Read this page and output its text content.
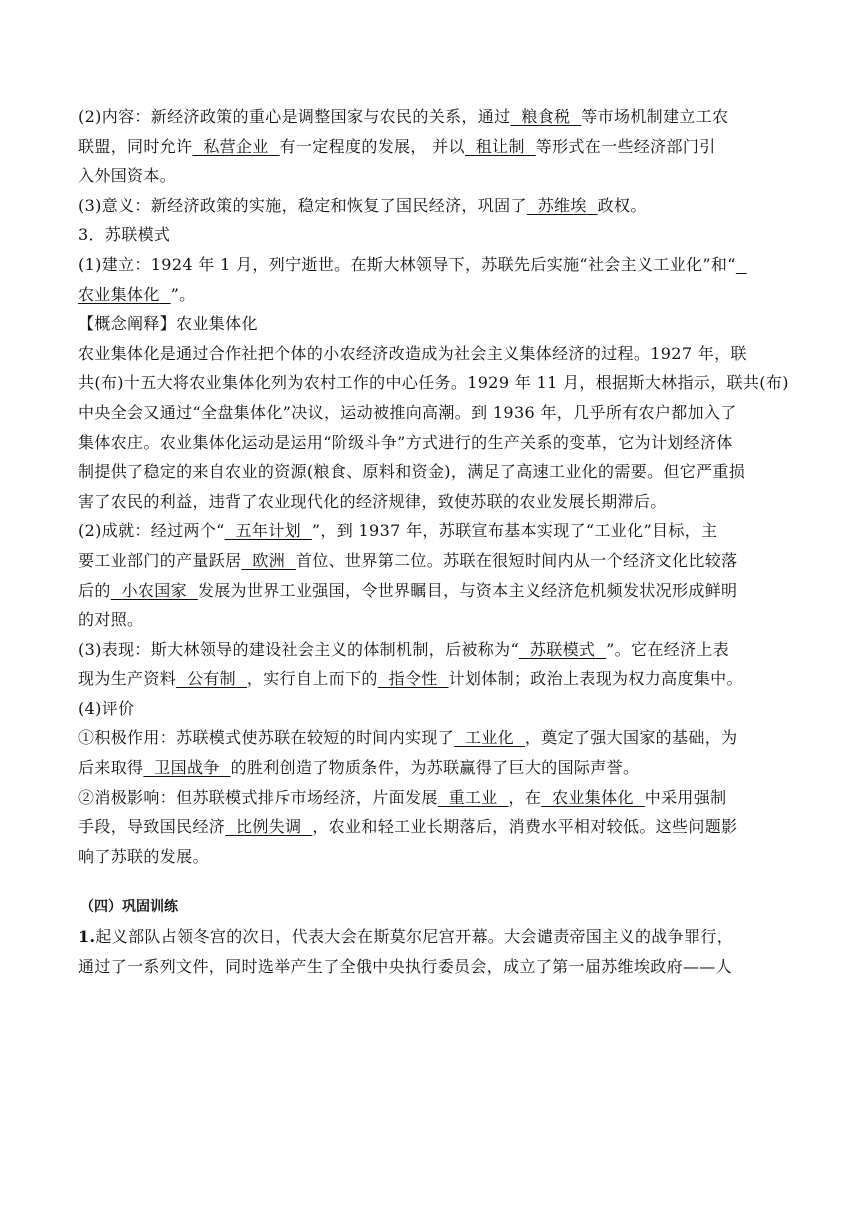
(2)内容：新经济政策的重心是调整国家与农民的关系，通过 粮食税 等市场机制建立工农
联盟，同时允许 私营企业 有一定程度的发展， 并以 租让制 等形式在一些经济部门引
入外国资本。
(3)意义：新经济政策的实施，稳定和恢复了国民经济，巩固了 苏维埃 政权。
3．苏联模式
(1)建立：1924 年 1 月，列宁逝世。在斯大林领导下，苏联先后实施“社会主义工业化”和“
农业集体化 ”。
【概念阐释】农业集体化
农业集体化是通过合作社把个体的小农经济改造成为社会主义集体经济的过程。1927 年，联
共(布)十五大将农业集体化列为农村工作的中心任务。1929 年 11 月，根据斯大林指示，联共(布)
中央全会又通过“全盘集体化”决议，运动被推向高潮。到 1936 年，几乎所有农户都加入了
集体农庄。农业集体化运动是运用“阶级斗争”方式进行的生产关系的变革，它为计划经济体
制提供了稳定的来自农业的资源(粮食、原料和资金)，满足了高速工业化的需要。但它严重损
害了农民的利益，违背了农业现代化的经济规律，致使苏联的农业发展长期滞后。
(2)成就：经过两个“ 五年计划 ”，到 1937 年，苏联宣布基本实现了“工业化”目标，主
要工业部门的产量跃居 欧洲 首位、世界第二位。苏联在很短时间内从一个经济文化比较落
后的 小农国家 发展为世界工业强国，令世界瞩目，与资本主义经济危机频发状况形成鲜明
的对照。
(3)表现：斯大林领导的建设社会主义的体制机制，后被称为“ 苏联模式 ”。它在经济上表
现为生产资料 公有制 ，实行自上而下的 指令性 计划体制；政治上表现为权力高度集中。
(4)评价
①积极作用：苏联模式使苏联在较短的时间内实现了 工业化 ，奠定了强大国家的基础，为
后来取得 卫国战争 的胜利创造了物质条件，为苏联赢得了巨大的国际声誉。
②消极影响：但苏联模式排斥市场经济，片面发展 重工业 ，在 农业集体化 中采用强制
手段，导致国民经济 比例失调 ，农业和轻工业长期落后，消费水平相对较低。这些问题影
响了苏联的发展。
（四）巩固训练
1.起义部队占领冬宫的次日，代表大会在斯莫尔尼宫开幕。大会谴责帝国主义的战争罪行，
通过了一系列文件，同时选举产生了全俄中央执行委员会，成立了第一届苏维埃政府——人
